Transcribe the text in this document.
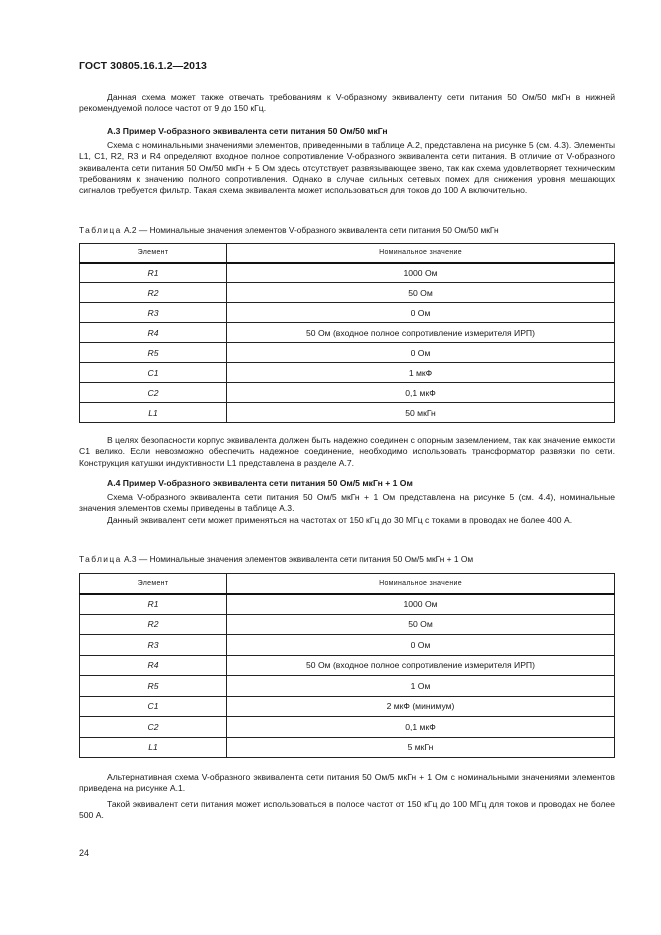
ГОСТ 30805.16.1.2—2013

Данная схема может также отвечать требованиям к V-образному эквиваленту сети питания 50 Ом/50 мкГн в нижней рекомендуемой полосе частот от 9 до 150 кГц.

А.3 Пример V-образного эквивалента сети питания 50 Ом/50 мкГн

Схема с номинальными значениями элементов, приведенными в таблице А.2, представлена на рисунке 5 (см. 4.3). Элементы L1, C1, R2, R3 и R4 определяют входное полное сопротивление V-образного эквивалента сети питания. В отличие от V-образного эквивалента сети питания 50 Ом/50 мкГн + 5 Ом здесь отсутствует развязывающее звено, так как схема удовлетворяет техническим требованиям к значению полного сопротивления. Однако в случае сильных сетевых помех для снижения уровня мешающих сигналов требуется фильтр. Такая схема эквивалента может использоваться для токов до 100 А включительно.

Таблица А.2 — Номинальные значения элементов V-образного эквивалента сети питания 50 Ом/50 мкГн
Элемент	Номинальное значение
R1	1000 Ом
R2	50 Ом
R3	0 Ом
R4	50 Ом (входное полное сопротивление измерителя ИРП)
R5	0 Ом
C1	1 мкФ
C2	0,1 мкФ
L1	50 мкГн

В целях безопасности корпус эквивалента должен быть надежно соединен с опорным заземлением, так как значение емкости С1 велико. Если невозможно обеспечить надежное соединение, необходимо использовать трансформатор развязки по сети. Конструкция катушки индуктивности L1 представлена в разделе А.7.

А.4 Пример V-образного эквивалента сети питания 50 Ом/5 мкГн + 1 Ом

Схема V-образного эквивалента сети питания 50 Ом/5 мкГн + 1 Ом представлена на рисунке 5 (см. 4.4), номинальные значения элементов схемы приведены в таблице А.3.

Данный эквивалент сети может применяться на частотах от 150 кГц до 30 МГц с токами в проводах не более 400 А.

Таблица А.3 — Номинальные значения элементов эквивалента сети питания 50 Ом/5 мкГн + 1 Ом
Элемент	Номинальное значение
R1	1000 Ом
R2	50 Ом
R3	0 Ом
R4	50 Ом (входное полное сопротивление измерителя ИРП)
R5	1 Ом
C1	2 мкФ (минимум)
C2	0,1 мкФ
L1	5 мкГн

Альтернативная схема V-образного эквивалента сети питания 50 Ом/5 мкГн + 1 Ом с номинальными значениями элементов приведена на рисунке А.1.

Такой эквивалент сети питания может использоваться в полосе частот от 150 кГц до 100 МГц для токов и проводах не более 500 А.

24
